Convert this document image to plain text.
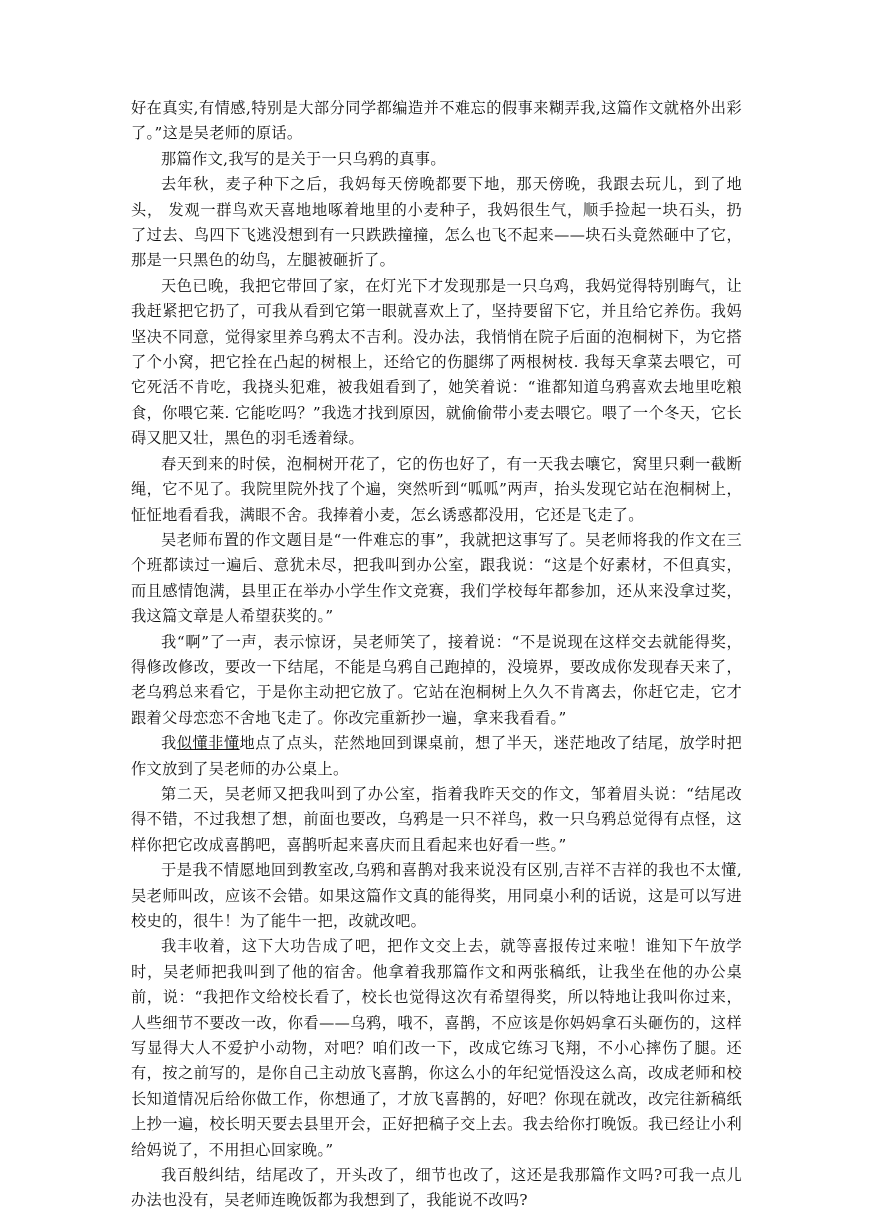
好在真实,有情感,特别是大部分同学都编造并不难忘的假事来糊弄我,这篇作文就格外出彩了。”这是吴老师的原话。

那篇作文,我写的是关于一只乌鸦的真事。

去年秋，麦子种下之后，我妈每天傍晚都要下地，那天傍晚，我跟去玩儿，到了地头， 发观一群鸟欢天喜地地啄着地里的小麦种子，我妈很生气，顺手捡起一块石头，扔了过去、鸟四下飞逃没想到有一只跌跌撞撞，怎么也飞不起来——块石头竟然砸中了它，那是一只黑色的幼鸟，左腿被砸折了。

天色已晚，我把它带回了家，在灯光下才发现那是一只乌鸡，我妈觉得特别晦气，让我赶紧把它扔了，可我从看到它第一眼就喜欢上了，坚持要留下它，并且给它养伤。我妈坚决不同意，觉得家里养乌鸦太不吉利。没办法，我悄悄在院子后面的泡桐树下，为它搭了个小窝，把它拴在凸起的树根上，还给它的伤腿绑了两根树枝. 我每天拿菜去喂它，可它死活不肯吃，我挠头犯难，被我姐看到了，她笑着说：“谁都知道乌鸦喜欢去地里吃粮食，你喂它莱. 它能吃吗？”我选才找到原因，就偷偷带小麦去喂它。喂了一个冬天，它长碍又肥又壮，黑色的羽毛透着绿。

春天到来的时侯，泡桐树开花了，它的伤也好了，有一天我去嚷它，窝里只剩一截断绳，它不见了。我院里院外找了个遍，突然听到“呱呱”两声，抬头发现它站在泡桐树上，怔怔地看看我，满眼不舍。我捧着小麦，怎幺诱惑都没用，它还是飞走了。

吴老师布置的作文题目是“一件难忘的事”，我就把这事写了。吴老师将我的作文在三个班都读过一遍后、意犹未尽，把我叫到办公室，跟我说：“这是个好素材，不但真实，而且感情饱满，县里正在举办小学生作文竞赛，我们学校每年都参加，还从来没拿过奖，我这篇文章是人希望获奖的。”

我“啊”了一声，表示惊讶，吴老师笑了，接着说：“不是说现在这样交去就能得奖，得修改修改，要改一下结尾，不能是乌鸦自己跑掉的，没境界，要改成你发现春天来了，老乌鸦总来看它，于是你主动把它放了。它站在泡桐树上久久不肯离去，你赶它走，它才跟着父母恋恋不舍地飞走了。你改完重新抄一遍，拿来我看看。”

我似懂非懂地点了点头，茫然地回到课桌前，想了半天，迷茫地改了结尾，放学时把作文放到了吴老师的办公桌上。

第二天，吴老师又把我叫到了办公室，指着我昨天交的作文，邹着眉头说：“结尾改得不错，不过我想了想，前面也要改，乌鸦是一只不祥鸟，救一只乌鸦总觉得有点怪，这样你把它改成喜鹊吧，喜鹊听起来喜庆而且看起来也好看一些。”

于是我不情愿地回到教室改,乌鸦和喜鹊对我来说没有区别,吉祥不吉祥的我也不太懂,吴老师叫改，应该不会错。如果这篇作文真的能得奖，用同桌小利的话说，这是可以写进校史的，很牛！为了能牛一把，改就改吧。

我丰收着，这下大功告成了吧，把作文交上去，就等喜报传过来啦！谁知下午放学时，吴老师把我叫到了他的宿舍。他拿着我那篇作文和两张稿纸，让我坐在他的办公桌前，说：“我把作文给校长看了，校长也觉得这次有希望得奖，所以特地让我叫你过来，人些细节不要改一改，你看——乌鸦，哦不，喜鹊，不应该是你妈妈拿石头砸伤的，这样写显得大人不爱护小动物，对吧？咱们改一下，改成它练习飞翔，不小心摔伤了腿。还有，按之前写的，是你自己主动放飞喜鹊，你这么小的年纪觉悟没这么高，改成老师和校长知道情况后给你做工作，你想通了，才放飞喜鹊的，好吧？你现在就改，改完往新稿纸上抄一遍，校长明天要去县里开会，正好把稿子交上去。我去给你打晚饭。我已经让小利给妈说了，不用担心回家晚。”

我百般纠结，结尾改了，开头改了，细节也改了，这还是我那篇作文吗?可我一点儿办法也没有，吴老师连晚饭都为我想到了，我能说不改吗?
